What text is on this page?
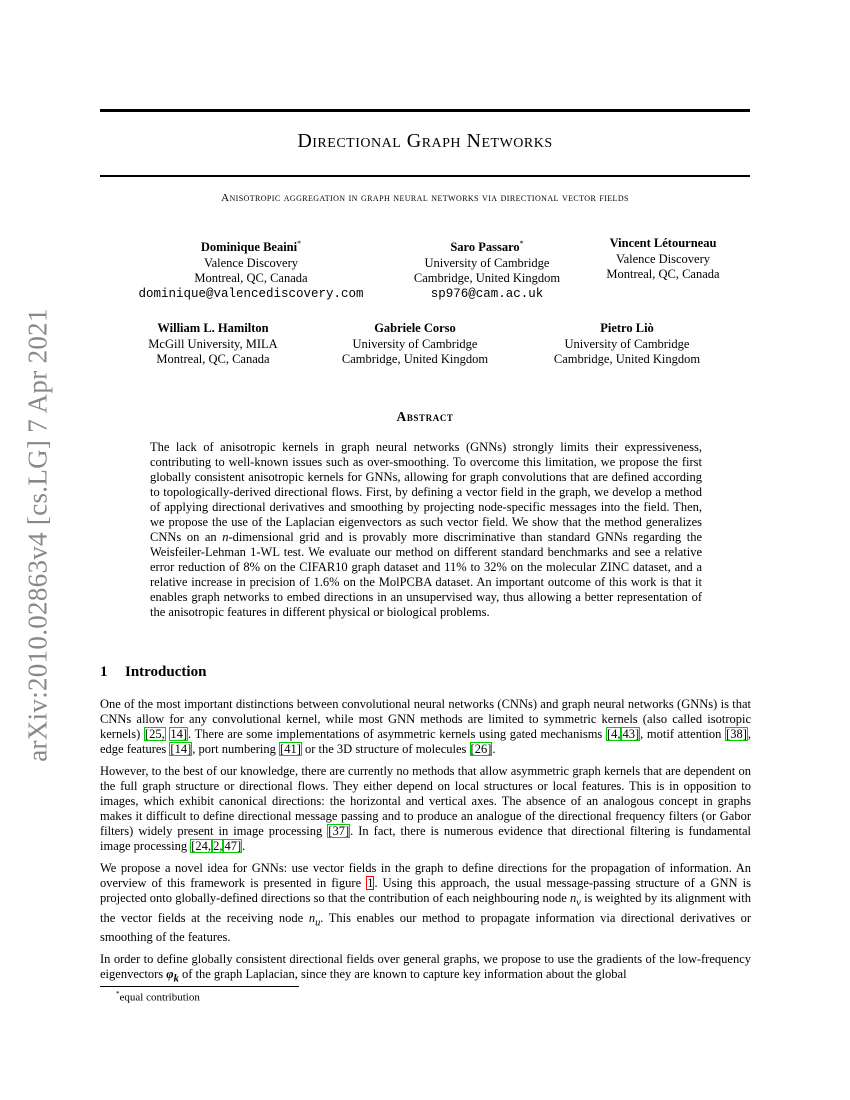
arXiv:2010.02863v4 [cs.LG] 7 Apr 2021
Directional Graph Networks
Anisotropic aggregation in graph neural networks via directional vector fields
Dominique Beaini*
Valence Discovery
Montreal, QC, Canada
dominique@valencediscovery.com
Saro Passaro*
University of Cambridge
Cambridge, United Kingdom
sp976@cam.ac.uk
Vincent Létourneau
Valence Discovery
Montreal, QC, Canada
William L. Hamilton
McGill University, MILA
Montreal, QC, Canada
Gabriele Corso
University of Cambridge
Cambridge, United Kingdom
Pietro Liò
University of Cambridge
Cambridge, United Kingdom
Abstract

The lack of anisotropic kernels in graph neural networks (GNNs) strongly limits their expressiveness, contributing to well-known issues such as over-smoothing. To overcome this limitation, we propose the first globally consistent anisotropic kernels for GNNs, allowing for graph convolutions that are defined according to topologically-derived directional flows. First, by defining a vector field in the graph, we develop a method of applying directional derivatives and smoothing by projecting node-specific messages into the field. Then, we propose the use of the Laplacian eigenvectors as such vector field. We show that the method generalizes CNNs on an n-dimensional grid and is provably more discriminative than standard GNNs regarding the Weisfeiler-Lehman 1-WL test. We evaluate our method on different standard benchmarks and see a relative error reduction of 8% on the CIFAR10 graph dataset and 11% to 32% on the molecular ZINC dataset, and a relative increase in precision of 1.6% on the MolPCBA dataset. An important outcome of this work is that it enables graph networks to embed directions in an unsupervised way, thus allowing a better representation of the anisotropic features in different physical or biological problems.

1 Introduction

One of the most important distinctions between convolutional neural networks (CNNs) and graph neural networks (GNNs) is that CNNs allow for any convolutional kernel, while most GNN methods are limited to symmetric kernels (also called isotropic kernels) [25, 14]. There are some implementations of asymmetric kernels using gated mechanisms [4, 43], motif attention [38], edge features [14], port numbering [41] or the 3D structure of molecules [26].

However, to the best of our knowledge, there are currently no methods that allow asymmetric graph kernels that are dependent on the full graph structure or directional flows. They either depend on local structures or local features. This is in opposition to images, which exhibit canonical directions: the horizontal and vertical axes. The absence of an analogous concept in graphs makes it difficult to define directional message passing and to produce an analogue of the directional frequency filters (or Gabor filters) widely present in image processing [37]. In fact, there is numerous evidence that directional filtering is fundamental image processing [24, 2, 47].

We propose a novel idea for GNNs: use vector fields in the graph to define directions for the propagation of information. An overview of this framework is presented in figure 1. Using this approach, the usual message-passing structure of a GNN is projected onto globally-defined directions so that the contribution of each neighbouring node $n_v$ is weighted by its alignment with the vector fields at the receiving node $n_u$. This enables our method to propagate information via directional derivatives or smoothing of the features.

In order to define globally consistent directional fields over general graphs, we propose to use the gradients of the low-frequency eigenvectors $\varphi_k$ of the graph Laplacian, since they are known to capture key information about the global

*equal contribution
